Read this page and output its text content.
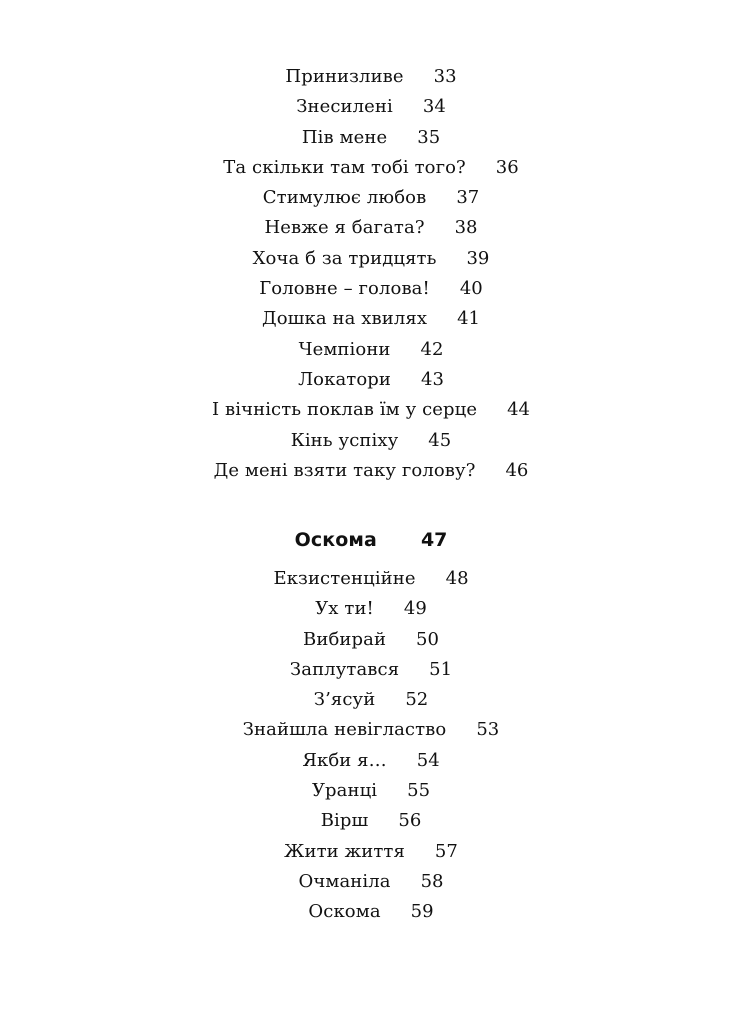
Принизливе 33
Знесилені 34
Пів мене 35
Та скільки там тобі того? 36
Стимулює любов 37
Невже я багата? 38
Хоча б за тридцять 39
Головне – голова! 40
Дошка на хвилях 41
Чемпіони 42
Локатори 43
І вічність поклав їм у серце 44
Кінь успіху 45
Де мені взяти таку голову? 46
Оскома 47
Екзистенційне 48
Ух ти! 49
Вибирай 50
Заплутався 51
З’ясуй 52
Знайшла невігластво 53
Якби я… 54
Уранці 55
Вірш 56
Жити життя 57
Очманіла 58
Оскома 59
